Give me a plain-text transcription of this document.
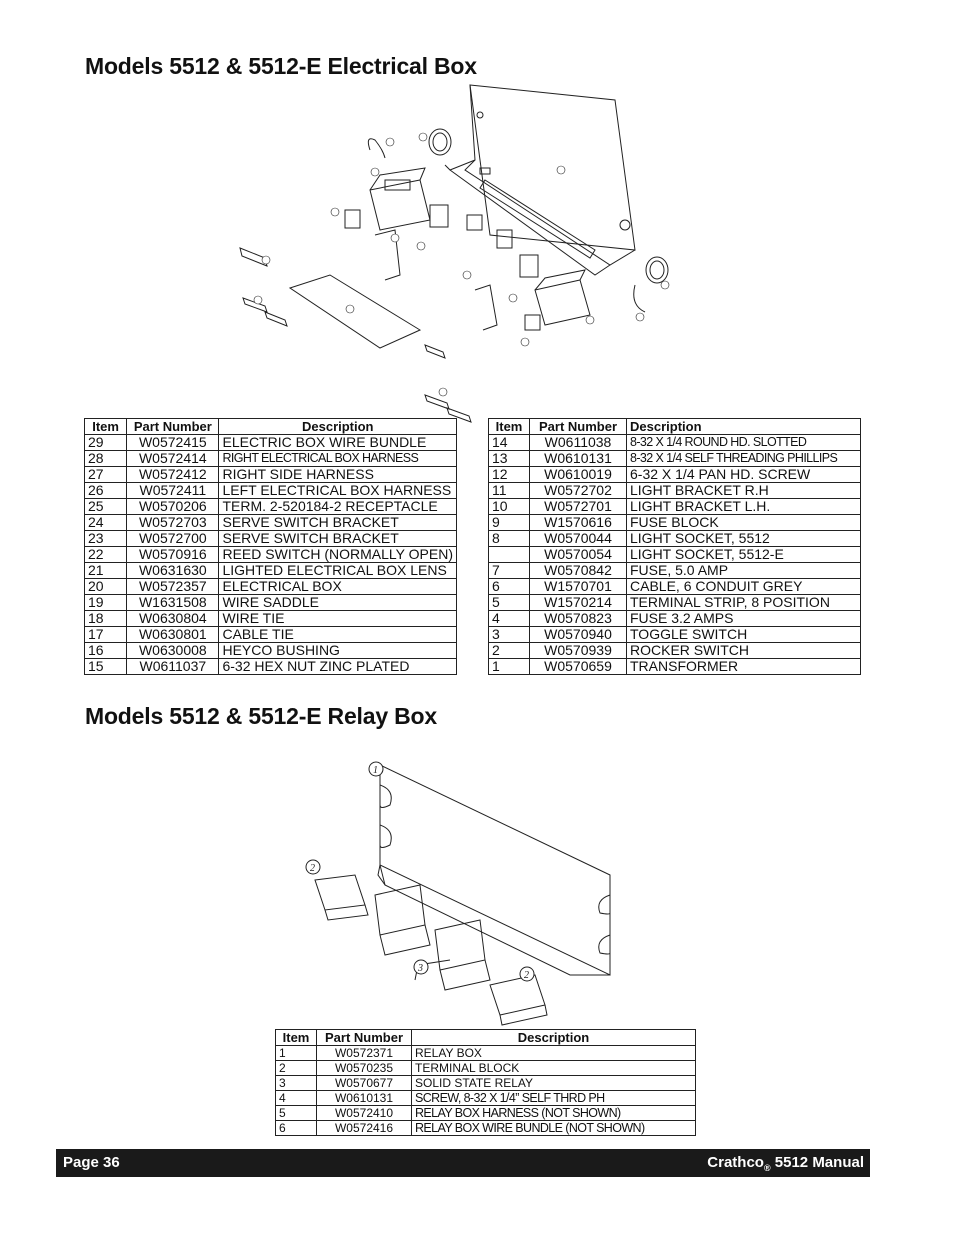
Models 5512 & 5512-E Electrical Box
Item	Part Number	Description
29	W0572415	ELECTRIC BOX WIRE BUNDLE
28	W0572414	RIGHT ELECTRICAL BOX HARNESS
27	W0572412	RIGHT SIDE HARNESS
26	W0572411	LEFT ELECTRICAL BOX HARNESS
25	W0570206	TERM. 2-520184-2 RECEPTACLE
24	W0572703	SERVE SWITCH BRACKET
23	W0572700	SERVE SWITCH BRACKET
22	W0570916	REED SWITCH (NORMALLY OPEN)
21	W0631630	LIGHTED ELECTRICAL BOX LENS
20	W0572357	ELECTRICAL BOX
19	W1631508	WIRE SADDLE
18	W0630804	WIRE TIE
17	W0630801	CABLE TIE
16	W0630008	HEYCO BUSHING
15	W0611037	6-32 HEX NUT ZINC PLATED
Item	Part Number	Description
14	W0611038	8-32 X 1/4 ROUND HD. SLOTTED
13	W0610131	8-32 X 1/4 SELF THREADING PHILLIPS
12	W0610019	6-32 X 1/4 PAN HD. SCREW
11	W0572702	LIGHT BRACKET R.H
10	W0572701	LIGHT BRACKET L.H.
9	W1570616	FUSE BLOCK
8	W0570044	LIGHT SOCKET, 5512
	W0570054	LIGHT SOCKET, 5512-E
7	W0570842	FUSE, 5.0 AMP
6	W1570701	CABLE, 6 CONDUIT GREY
5	W1570214	TERMINAL STRIP, 8 POSITION
4	W0570823	FUSE 3.2 AMPS
3	W0570940	TOGGLE SWITCH
2	W0570939	ROCKER SWITCH
1	W0570659	TRANSFORMER
Models 5512 & 5512-E Relay Box
1
2
3
2
Item	Part Number	Description
1	W0572371	RELAY BOX
2	W0570235	TERMINAL BLOCK
3	W0570677	SOLID STATE RELAY
4	W0610131	SCREW, 8-32 X 1/4” SELF THRD PH
5	W0572410	RELAY BOX HARNESS (NOT SHOWN)
6	W0572416	RELAY BOX WIRE BUNDLE (NOT SHOWN)
Page 36	Crathco$_®$ 5512 Manual
